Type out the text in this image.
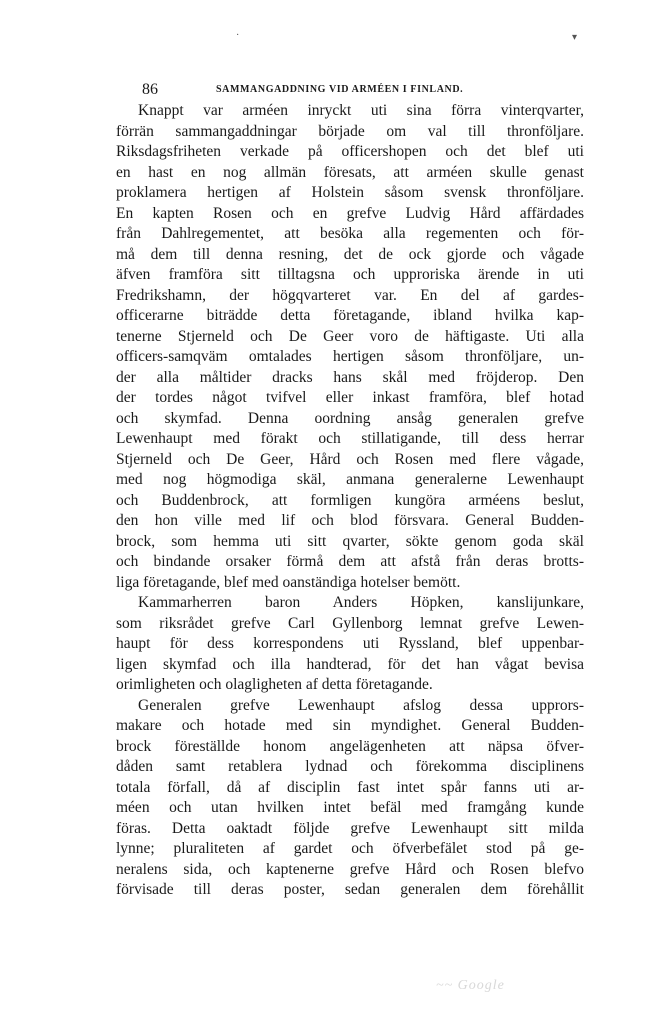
·	▾
86	SAMMANGADDNING VID ARMÉEN I FINLAND.
Knappt var arméen inryckt uti sina förra vinterqvarter,
förrän sammangaddningar började om val till thronföljare.
Riksdagsfriheten verkade på officershopen och det blef uti
en hast en nog allmän föresats, att arméen skulle genast
proklamera hertigen af Holstein såsom svensk thronföljare.
En kapten Rosen och en grefve Ludvig Hård affärdades
från Dahlregementet, att besöka alla regementen och för-
må dem till denna resning, det de ock gjorde och vågade
äfven framföra sitt tilltagsna och upproriska ärende in uti
Fredrikshamn, der högqvarteret var. En del af gardes-
officerarne biträdde detta företagande, ibland hvilka kap-
tenerne Stjerneld och De Geer voro de häftigaste. Uti alla
officers-samqväm omtalades hertigen såsom thronföljare, un-
der alla måltider dracks hans skål med fröjderop. Den
der tordes något tvifvel eller inkast framföra, blef hotad
och skymfad. Denna oordning ansåg generalen grefve
Lewenhaupt med förakt och stillatigande, till dess herrar
Stjerneld och De Geer, Hård och Rosen med flere vågade,
med nog högmodiga skäl, anmana generalerne Lewenhaupt
och Buddenbrock, att formligen kungöra arméens beslut,
den hon ville med lif och blod försvara. General Budden-
brock, som hemma uti sitt qvarter, sökte genom goda skäl
och bindande orsaker förmå dem att afstå från deras brotts-
liga företagande, blef med oanständiga hotelser bemött.
Kammarherren baron Anders Höpken, kanslijunkare,
som riksrådet grefve Carl Gyllenborg lemnat grefve Lewen-
haupt för dess korrespondens uti Ryssland, blef uppenbar-
ligen skymfad och illa handterad, för det han vågat bevisa
orimligheten och olagligheten af detta företagande.
Generalen grefve Lewenhaupt afslog dessa upprors-
makare och hotade med sin myndighet. General Budden-
brock föreställde honom angelägenheten att näpsa öfver-
dåden samt retablera lydnad och förekomma disciplinens
totala förfall, då af disciplin fast intet spår fanns uti ar-
méen och utan hvilken intet befäl med framgång kunde
föras. Detta oaktadt följde grefve Lewenhaupt sitt milda
lynne; pluraliteten af gardet och öfverbefälet stod på ge-
neralens sida, och kaptenerne grefve Hård och Rosen blefvo
förvisade till deras poster, sedan generalen dem förehållit
~~ Google
